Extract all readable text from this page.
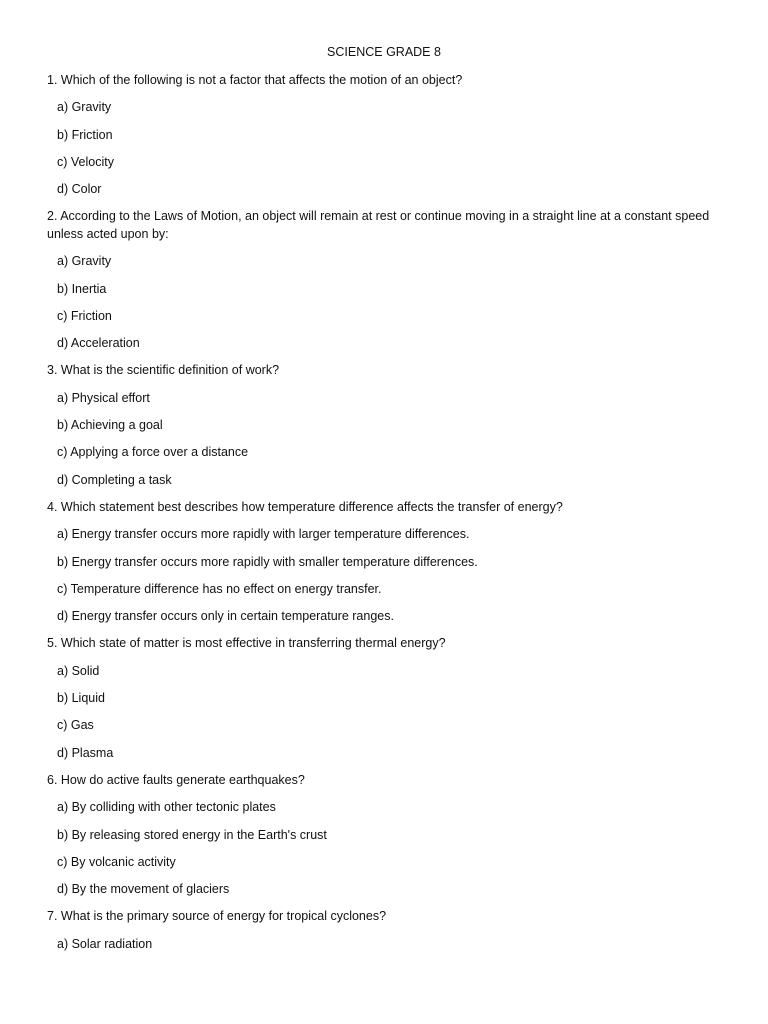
SCIENCE GRADE 8
1. Which of the following is not a factor that affects the motion of an object?
a) Gravity
b) Friction
c) Velocity
d) Color
2. According to the Laws of Motion, an object will remain at rest or continue moving in a straight line at a constant speed unless acted upon by:
a) Gravity
b) Inertia
c) Friction
d) Acceleration
3. What is the scientific definition of work?
a) Physical effort
b) Achieving a goal
c) Applying a force over a distance
d) Completing a task
4. Which statement best describes how temperature difference affects the transfer of energy?
a) Energy transfer occurs more rapidly with larger temperature differences.
b) Energy transfer occurs more rapidly with smaller temperature differences.
c) Temperature difference has no effect on energy transfer.
d) Energy transfer occurs only in certain temperature ranges.
5. Which state of matter is most effective in transferring thermal energy?
a) Solid
b) Liquid
c) Gas
d) Plasma
6. How do active faults generate earthquakes?
a) By colliding with other tectonic plates
b) By releasing stored energy in the Earth's crust
c) By volcanic activity
d) By the movement of glaciers
7. What is the primary source of energy for tropical cyclones?
a) Solar radiation
